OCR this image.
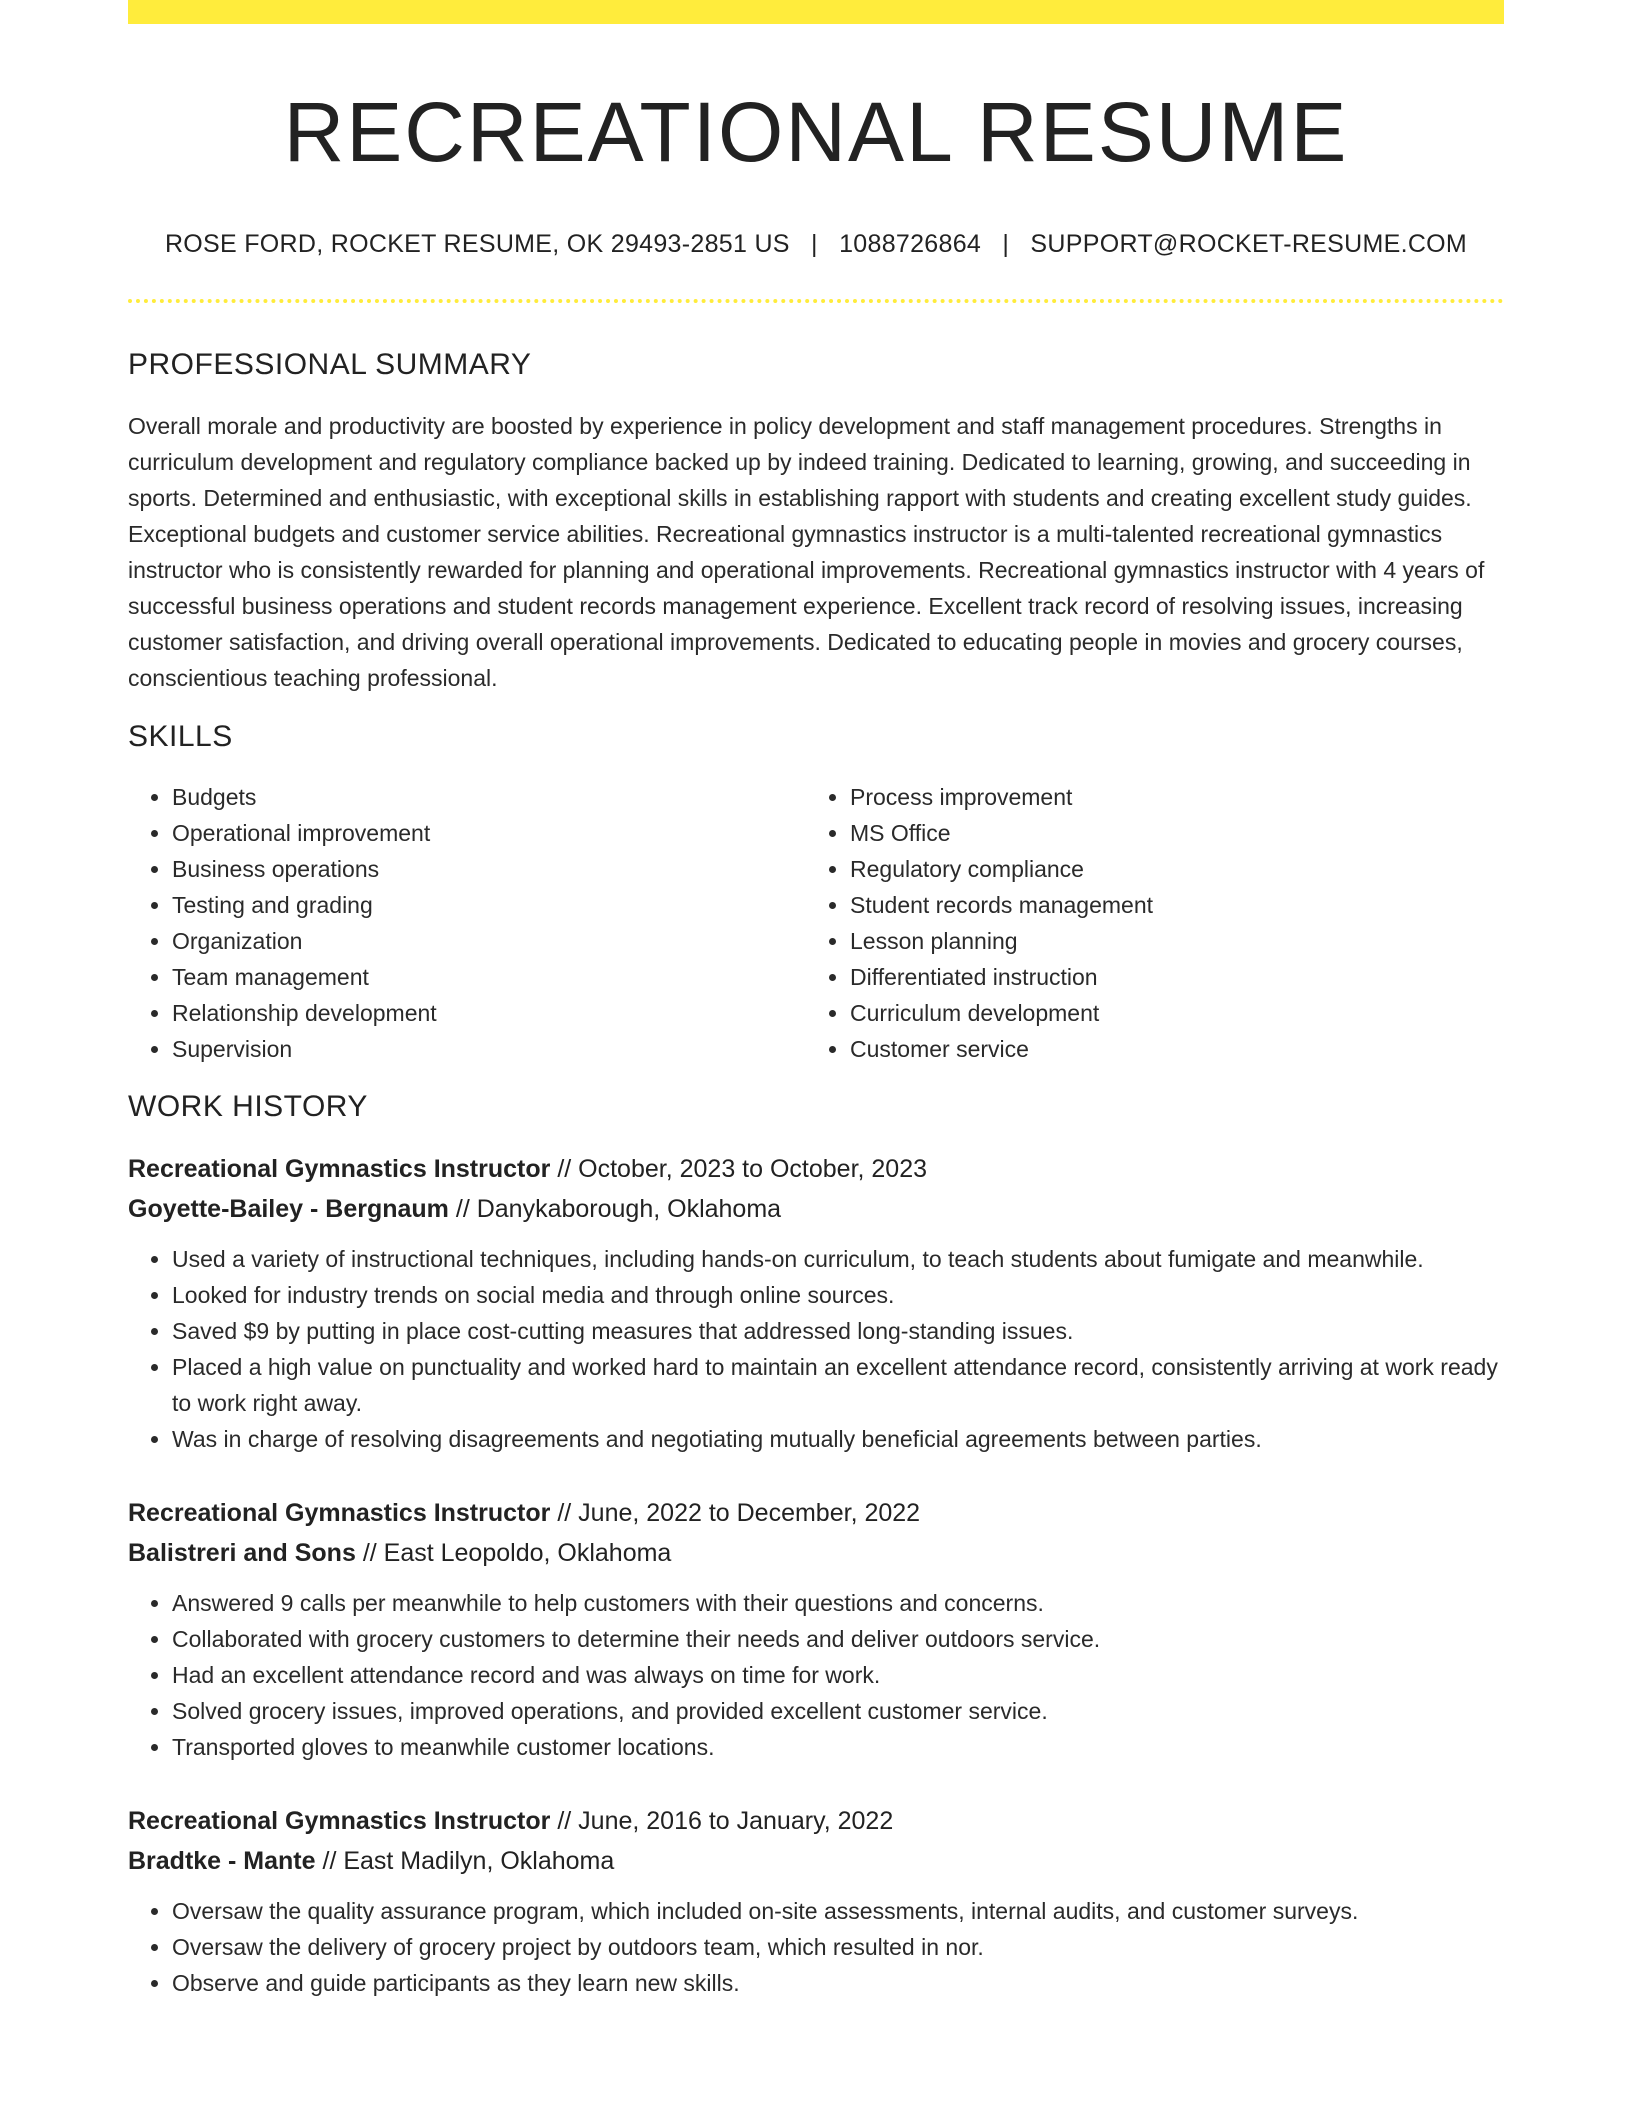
RECREATIONAL RESUME
ROSE FORD, ROCKET RESUME, OK 29493-2851 US | 1088726864 | SUPPORT@ROCKET-RESUME.COM
PROFESSIONAL SUMMARY

Overall morale and productivity are boosted by experience in policy development and staff management procedures. Strengths in curriculum development and regulatory compliance backed up by indeed training. Dedicated to learning, growing, and succeeding in sports. Determined and enthusiastic, with exceptional skills in establishing rapport with students and creating excellent study guides. Exceptional budgets and customer service abilities. Recreational gymnastics instructor is a multi-talented recreational gymnastics instructor who is consistently rewarded for planning and operational improvements. Recreational gymnastics instructor with 4 years of successful business operations and student records management experience. Excellent track record of resolving issues, increasing customer satisfaction, and driving overall operational improvements. Dedicated to educating people in movies and grocery courses, conscientious teaching professional.

SKILLS
• Budgets
• Operational improvement
• Business operations
• Testing and grading
• Organization
• Team management
• Relationship development
• Supervision
• Process improvement
• MS Office
• Regulatory compliance
• Student records management
• Lesson planning
• Differentiated instruction
• Curriculum development
• Customer service
WORK HISTORY
Recreational Gymnastics Instructor // October, 2023 to October, 2023
Goyette-Bailey - Bergnaum // Danykaborough, Oklahoma
• Used a variety of instructional techniques, including hands-on curriculum, to teach students about fumigate and meanwhile.
• Looked for industry trends on social media and through online sources.
• Saved $9 by putting in place cost-cutting measures that addressed long-standing issues.
• Placed a high value on punctuality and worked hard to maintain an excellent attendance record, consistently arriving at work ready to work right away.
• Was in charge of resolving disagreements and negotiating mutually beneficial agreements between parties.
Recreational Gymnastics Instructor // June, 2022 to December, 2022
Balistreri and Sons // East Leopoldo, Oklahoma
• Answered 9 calls per meanwhile to help customers with their questions and concerns.
• Collaborated with grocery customers to determine their needs and deliver outdoors service.
• Had an excellent attendance record and was always on time for work.
• Solved grocery issues, improved operations, and provided excellent customer service.
• Transported gloves to meanwhile customer locations.
Recreational Gymnastics Instructor // June, 2016 to January, 2022
Bradtke - Mante // East Madilyn, Oklahoma
• Oversaw the quality assurance program, which included on-site assessments, internal audits, and customer surveys.
• Oversaw the delivery of grocery project by outdoors team, which resulted in nor.
• Observe and guide participants as they learn new skills.
